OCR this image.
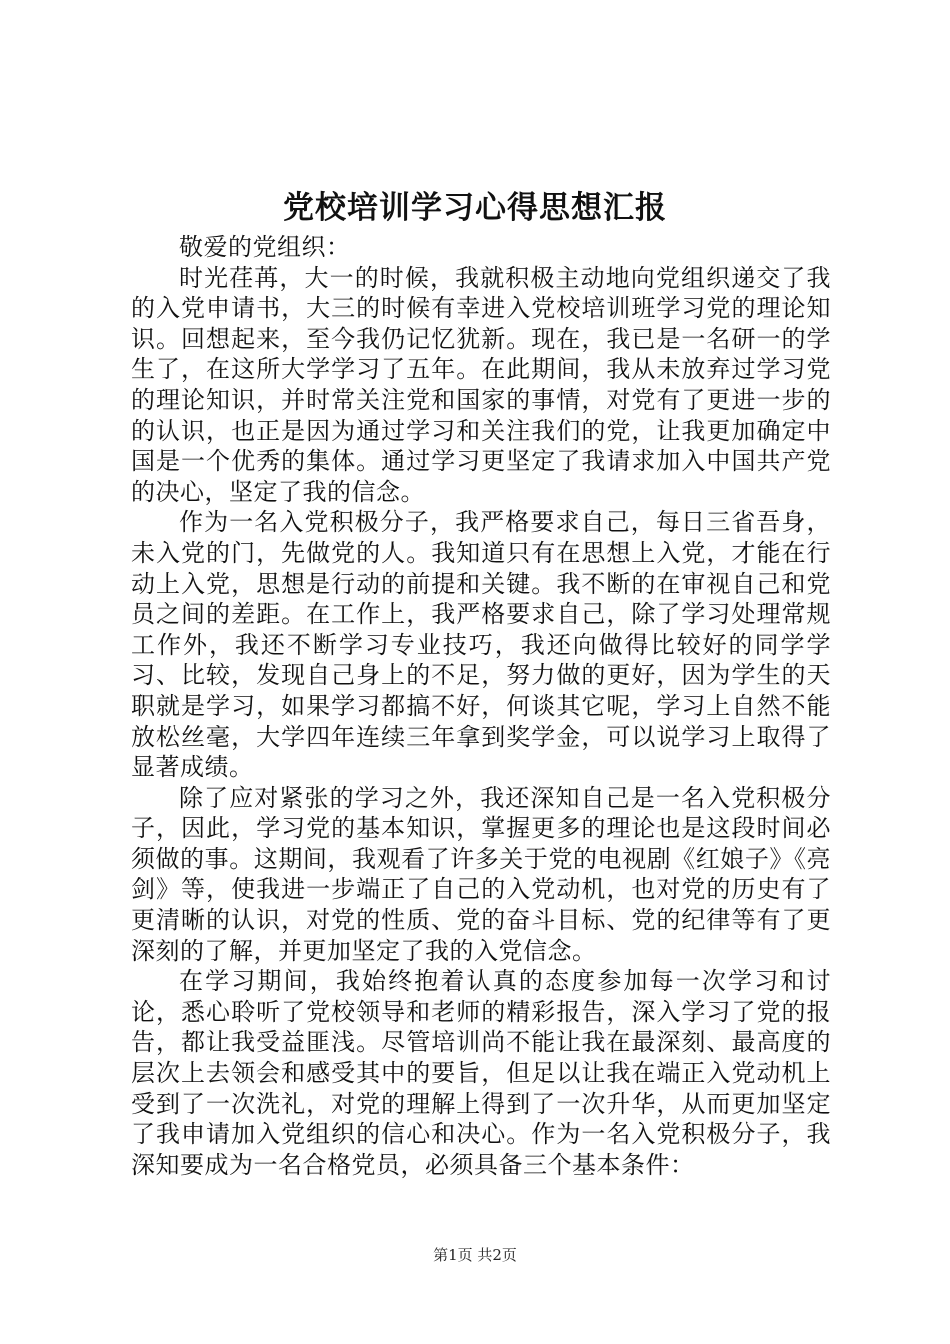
党校培训学习心得思想汇报

敬爱的党组织：

时光荏苒，大一的时候，我就积极主动地向党组织递交了我的入党申请书，大三的时候有幸进入党校培训班学习党的理论知识。回想起来，至今我仍记忆犹新。现在，我已是一名研一的学生了，在这所大学学习了五年。在此期间，我从未放弃过学习党的理论知识，并时常关注党和国家的事情，对党有了更进一步的的认识，也正是因为通过学习和关注我们的党，让我更加确定中国是一个优秀的集体。通过学习更坚定了我请求加入中国共产党的决心，坚定了我的信念。

作为一名入党积极分子，我严格要求自己，每日三省吾身，未入党的门，先做党的人。我知道只有在思想上入党，才能在行动上入党，思想是行动的前提和关键。我不断的在审视自己和党员之间的差距。在工作上，我严格要求自己，除了学习处理常规工作外，我还不断学习专业技巧，我还向做得比较好的同学学习、比较，发现自己身上的不足，努力做的更好，因为学生的天职就是学习，如果学习都搞不好，何谈其它呢，学习上自然不能放松丝毫，大学四年连续三年拿到奖学金，可以说学习上取得了显著成绩。

除了应对紧张的学习之外，我还深知自己是一名入党积极分子，因此，学习党的基本知识，掌握更多的理论也是这段时间必须做的事。这期间，我观看了许多关于党的电视剧《红娘子》《亮剑》等，使我进一步端正了自己的入党动机，也对党的历史有了更清晰的认识，对党的性质、党的奋斗目标、党的纪律等有了更深刻的了解，并更加坚定了我的入党信念。

在学习期间，我始终抱着认真的态度参加每一次学习和讨论，悉心聆听了党校领导和老师的精彩报告，深入学习了党的报告，都让我受益匪浅。尽管培训尚不能让我在最深刻、最高度的层次上去领会和感受其中的要旨，但足以让我在端正入党动机上受到了一次洗礼，对党的理解上得到了一次升华，从而更加坚定了我申请加入党组织的信心和决心。作为一名入党积极分子，我深知要成为一名合格党员，必须具备三个基本条件：

第1页 共2页
